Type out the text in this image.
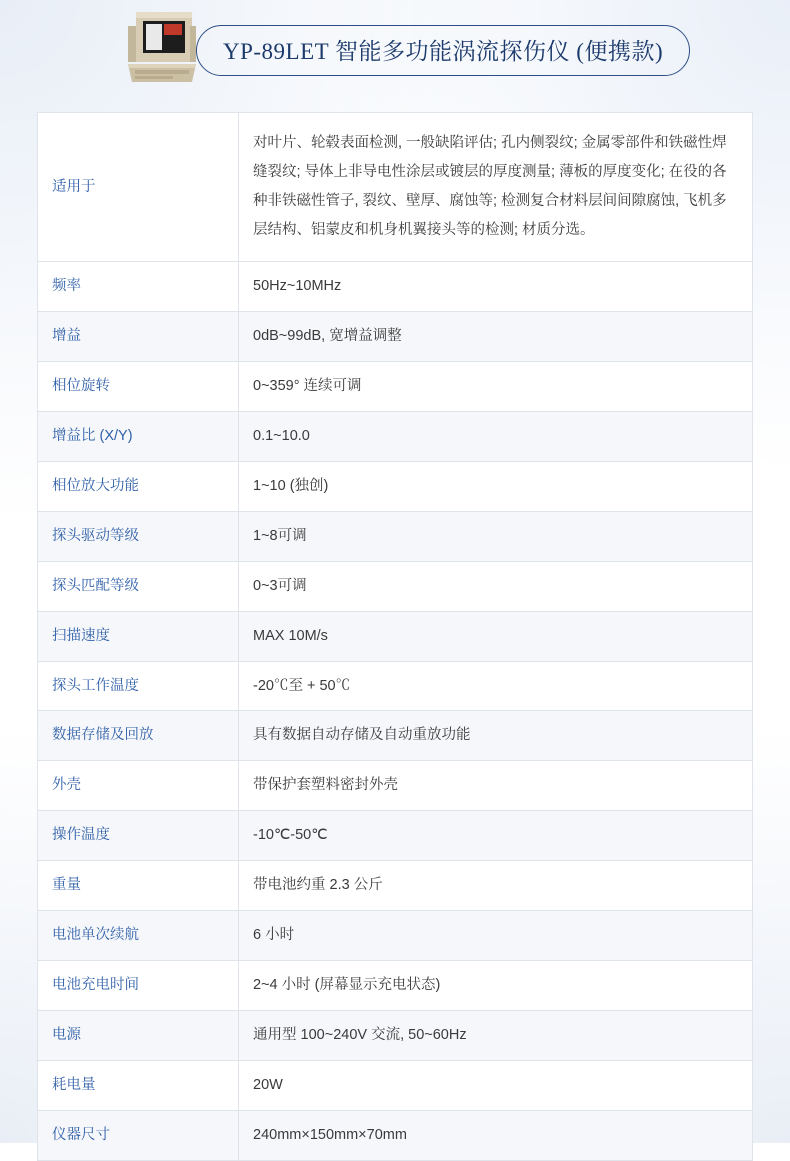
YP-89LET 智能多功能涡流探伤仪 (便携款)
适用于	对叶片、轮毂表面检测, 一般缺陷评估; 孔内侧裂纹; 金属零部件和铁磁性焊缝裂纹; 导体上非导电性涂层或镀层的厚度测量; 薄板的厚度变化; 在役的各种非铁磁性管子, 裂纹、壁厚、腐蚀等; 检测复合材料层间间隙腐蚀, 飞机多层结构、铝蒙皮和机身机翼接头等的检测; 材质分选。
频率	50Hz~10MHz
增益	0dB~99dB, 宽增益调整
相位旋转	0~359° 连续可调
增益比 (X/Y)	0.1~10.0
相位放大功能	1~10 (独创)
探头驱动等级	1~8可调
探头匹配等级	0~3可调
扫描速度	MAX 10M/s
探头工作温度	-20℃至 + 50℃
数据存储及回放	具有数据自动存储及自动重放功能
外壳	带保护套塑料密封外壳
操作温度	-10℃-50℃
重量	带电池约重 2.3 公斤
电池单次续航	6 小时
电池充电时间	2~4 小时 (屏幕显示充电状态)
电源	通用型 100~240V 交流, 50~60Hz
耗电量	20W
仪器尺寸	240mm×150mm×70mm
